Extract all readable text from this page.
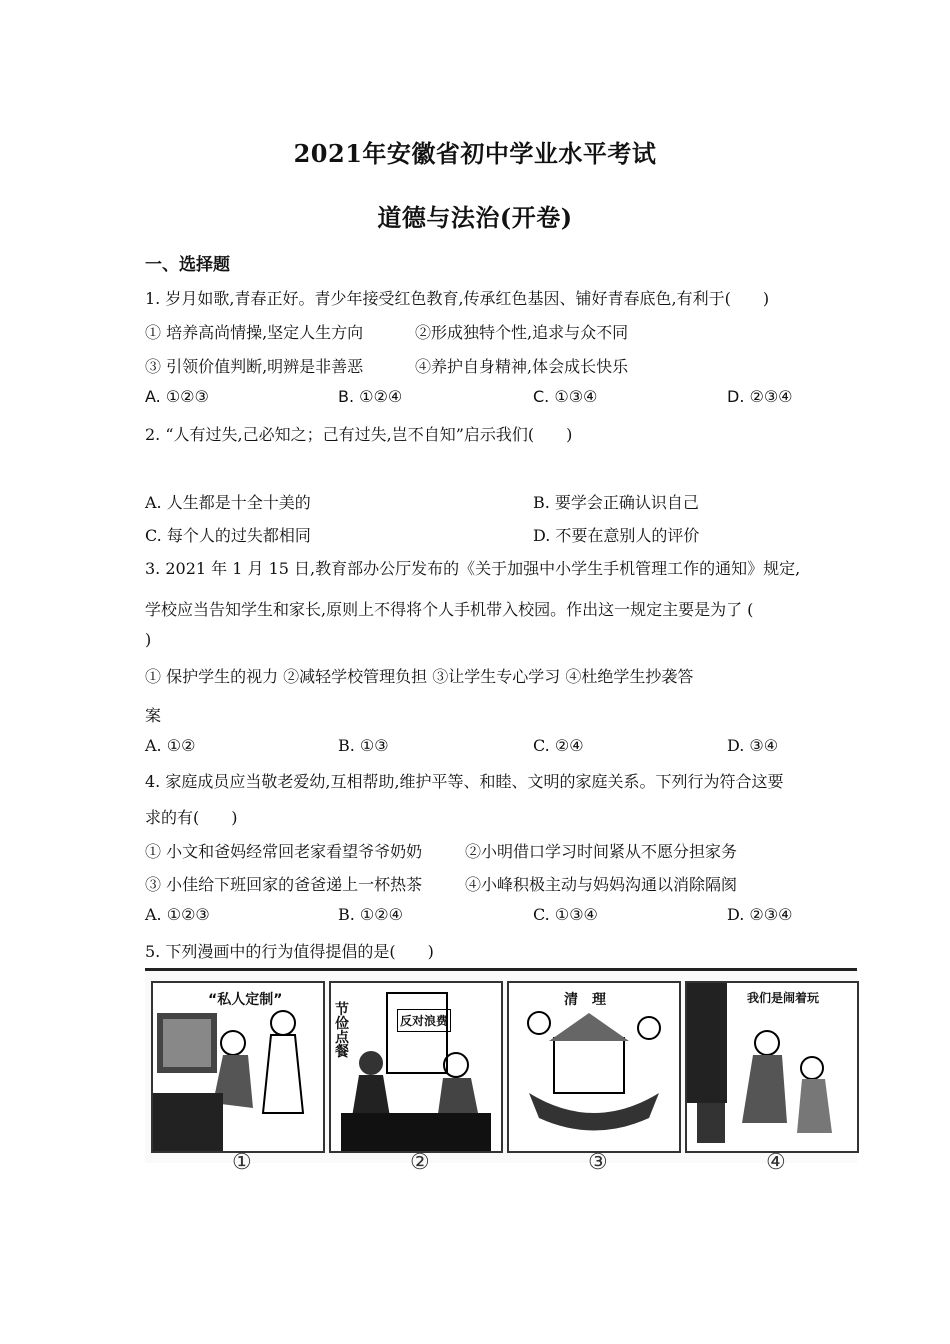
2021年安徽省初中学业水平考试
道德与法治(开卷)
一、选择题
1. 岁月如歌,青春正好。青少年接受红色教育,传承红色基因、铺好青春底色,有利于(　　)
① 培养高尚情操,坚定人生方向	②形成独特个性,追求与众不同
③ 引领价值判断,明辨是非善恶	④养护自身精神,体会成长快乐
A. ①②③	B. ①②④	C. ①③④	D. ②③④
2. “人有过失,己必知之；己有过失,岂不自知”启示我们(　　)
A. 人生都是十全十美的	B. 要学会正确认识自己
C. 每个人的过失都相同	D. 不要在意别人的评价
3. 2021 年 1 月 15 日,教育部办公厅发布的《关于加强中小学生手机管理工作的通知》规定,
学校应当告知学生和家长,原则上不得将个人手机带入校园。作出这一规定主要是为了 (
)
① 保护学生的视力 ②减轻学校管理负担 ③让学生专心学习 ④杜绝学生抄袭答
案
A. ①②	B. ①③	C. ②④	D. ③④
4. 家庭成员应当敬老爱幼,互相帮助,维护平等、和睦、文明的家庭关系。下列行为符合这要
求的有(　　)
① 小文和爸妈经常回老家看望爷爷奶奶	②小明借口学习时间紧从不愿分担家务
③ 小佳给下班回家的爸爸递上一杯热茶	④小峰积极主动与妈妈沟通以消除隔阂
A. ①②③	B. ①②④	C. ①③④	D. ②③④
5. 下列漫画中的行为值得提倡的是(　　)
“私人定制”
节俭点餐
反对浪费
清　理	我们是闹着玩
①	②	③	④
